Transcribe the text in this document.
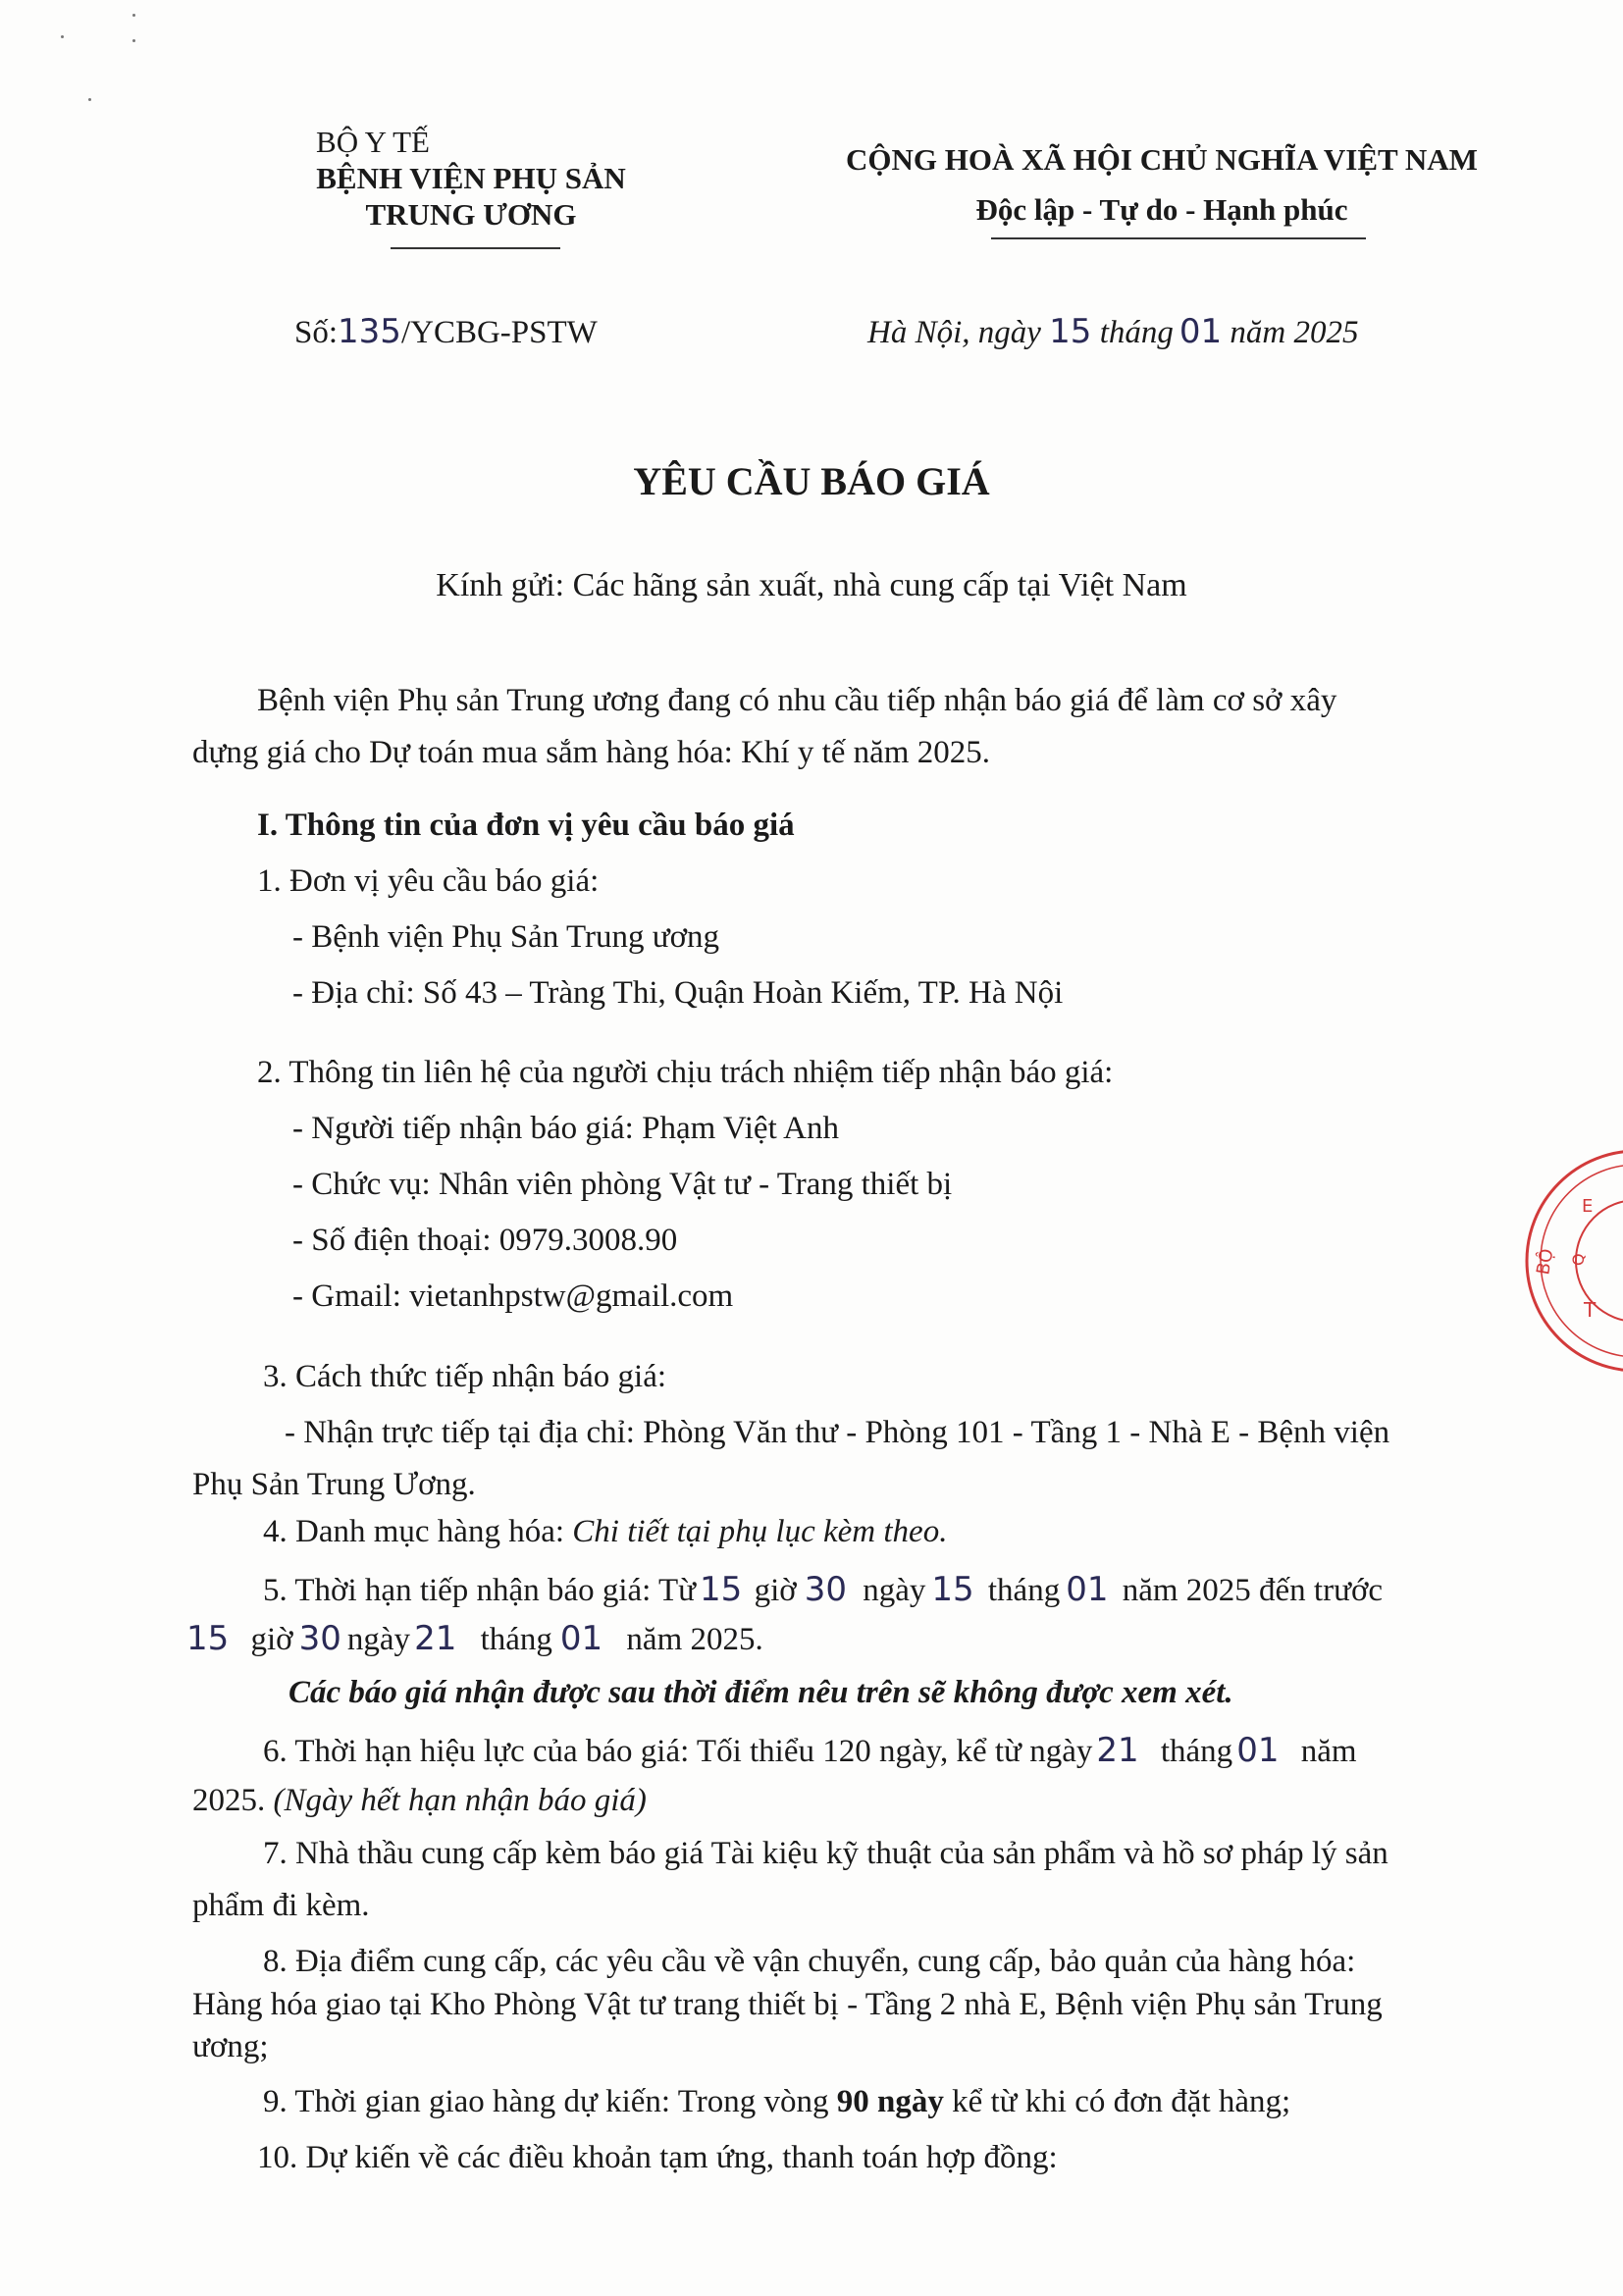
BỘ Y TẾ
BỆNH VIỆN PHỤ SẢN
TRUNG ƯƠNG
CỘNG HOÀ XÃ HỘI CHỦ NGHĨA VIỆT NAM
Độc lập - Tự do - Hạnh phúc
Số:135/YCBG-PSTW	Hà Nội, ngày 15 tháng 01 năm 2025
YÊU CẦU BÁO GIÁ
Kính gửi: Các hãng sản xuất, nhà cung cấp tại Việt Nam
Bệnh viện Phụ sản Trung ương đang có nhu cầu tiếp nhận báo giá để làm cơ sở xây
dựng giá cho Dự toán mua sắm hàng hóa: Khí y tế năm 2025.
I. Thông tin của đơn vị yêu cầu báo giá
1. Đơn vị yêu cầu báo giá:
- Bệnh viện Phụ Sản Trung ương
- Địa chỉ: Số 43 – Tràng Thi, Quận Hoàn Kiếm, TP. Hà Nội
2. Thông tin liên hệ của người chịu trách nhiệm tiếp nhận báo giá:
- Người tiếp nhận báo giá: Phạm Việt Anh
- Chức vụ: Nhân viên phòng Vật tư - Trang thiết bị
- Số điện thoại: 0979.3008.90
- Gmail: vietanhpstw@gmail.com
3. Cách thức tiếp nhận báo giá:
- Nhận trực tiếp tại địa chỉ: Phòng Văn thư - Phòng 101 - Tầng 1 - Nhà E - Bệnh viện
Phụ Sản Trung Ương.
4. Danh mục hàng hóa: Chi tiết tại phụ lục kèm theo.
5. Thời hạn tiếp nhận báo giá: Từ 15 giờ 30 ngày 15 tháng 01 năm 2025 đến trước
15 giờ 30 ngày 21 tháng 01 năm 2025.
Các báo giá nhận được sau thời điểm nêu trên sẽ không được xem xét.
6. Thời hạn hiệu lực của báo giá: Tối thiểu 120 ngày, kể từ ngày 21 tháng 01 năm
2025. (Ngày hết hạn nhận báo giá)
7. Nhà thầu cung cấp kèm báo giá Tài kiệu kỹ thuật của sản phẩm và hồ sơ pháp lý sản
phẩm đi kèm.
8. Địa điểm cung cấp, các yêu cầu về vận chuyển, cung cấp, bảo quản của hàng hóa:
Hàng hóa giao tại Kho Phòng Vật tư trang thiết bị - Tầng 2 nhà E, Bệnh viện Phụ sản Trung
ương;
9. Thời gian giao hàng dự kiến: Trong vòng 90 ngày kể từ khi có đơn đặt hàng;
10. Dự kiến về các điều khoản tạm ứng, thanh toán hợp đồng:
BỘ
E
T
Q
